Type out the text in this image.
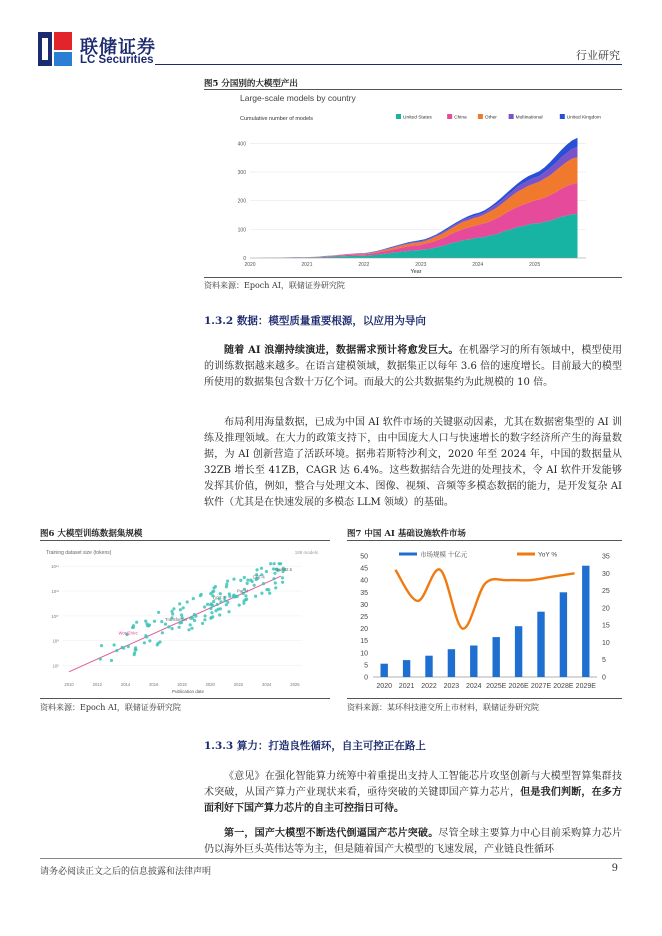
联储证券
LC Securities	行业研究
图5 分国别的大模型产出
Large-scale models by country
Cumulative number of models	United States	China	Other	Multinational	United Kingdom
0
100
200
300
400
2020	2021	2022	2023	2024	2025
Year
资料来源：Epoch AI，联储证券研究院
1.3.2 数据：模型质量重要根源，以应用为导向
随着 AI 浪潮持续演进，数据需求预计将愈发巨大。在机器学习的所有领域中，模型使用的训练数据越来越多。在语言建模领域，数据集正以每年 3.6 倍的速度增长。目前最大的模型所使用的数据集包含数十万亿个词。而最大的公共数据集约为此规模的 10 倍。
布局利用海量数据，已成为中国 AI 软件市场的关键驱动因素，尤其在数据密集型的 AI 训练及推理领域。在大力的政策支持下，由中国庞大人口与快速增长的数字经济所产生的海量数据，为 AI 创新营造了活跃环境。据弗若斯特沙利文，2020 年至 2024 年，中国的数据量从 32ZB 增长至 41ZB，CAGR 达 6.4%。这些数据结合先进的处理技术，令 AI 软件开发能够发挥其价值，例如，整合与处理文本、图像、视频、音频等多模态数据的能力，是开发复杂 AI 软件（尤其是在快速发展的多模态 LLM 领域）的基础。
图6 大模型训练数据集规模	图7 中国 AI 基础设施软件市场
Training dataset size (tokens)	188 models
10⁶
10⁸
10¹⁰
10¹²
10¹⁴
2010	2012	2014	2016	2018	2020	2022	2024	2026
GPT-4
Qwen2.5
PaLM
GPT-3
Transformer
Word2Vec
Publication date
市场规模 十亿元	YoY %
0
5
10
15
20
25
30
35
40
45
50
0
5
10
15
20
25
30
35
2020 2021 2022 2023 2024 2025E 2026E 2027E 2028E 2029E
资料来源：Epoch AI，联储证券研究院	资料来源：某环科技港交所上市材料，联储证券研究院
1.3.3 算力：打造良性循环，自主可控正在路上
《意见》在强化智能算力统筹中着重提出支持人工智能芯片攻坚创新与大模型智算集群技术突破，从国产算力产业现状来看，亟待突破的关键即国产算力芯片，但是我们判断，在多方面利好下国产算力芯片的自主可控指日可待。
第一，国产大模型不断迭代倒逼国产芯片突破。尽管全球主要算力中心目前采购算力芯片仍以海外巨头英伟达等为主，但是随着国产大模型的飞速发展，产业链良性循环
请务必阅读正文之后的信息披露和法律声明	9
